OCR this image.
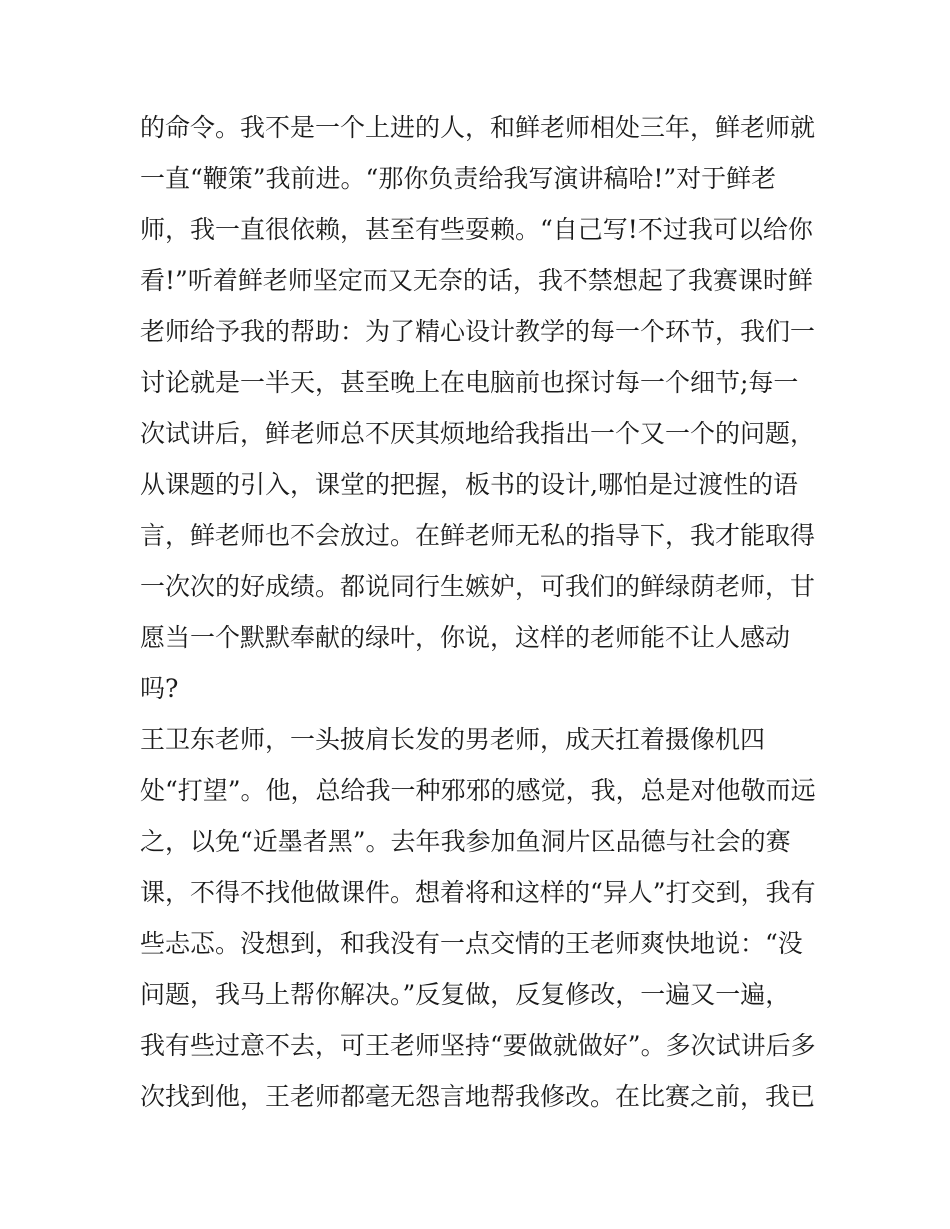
的命令。我不是一个上进的人，和鲜老师相处三年，鲜老师就
一直“鞭策”我前进。“那你负责给我写演讲稿哈!”对于鲜老
师，我一直很依赖，甚至有些耍赖。“自己写!不过我可以给你
看!”听着鲜老师坚定而又无奈的话，我不禁想起了我赛课时鲜
老师给予我的帮助：为了精心设计教学的每一个环节，我们一
讨论就是一半天，甚至晚上在电脑前也探讨每一个细节;每一
次试讲后，鲜老师总不厌其烦地给我指出一个又一个的问题，
从课题的引入，课堂的把握，板书的设计,哪怕是过渡性的语
言，鲜老师也不会放过。在鲜老师无私的指导下，我才能取得
一次次的好成绩。都说同行生嫉妒，可我们的鲜绿荫老师，甘
愿当一个默默奉献的绿叶，你说，这样的老师能不让人感动
吗?
王卫东老师，一头披肩长发的男老师，成天扛着摄像机四
处“打望”。他，总给我一种邪邪的感觉，我，总是对他敬而远
之，以免“近墨者黑”。去年我参加鱼洞片区品德与社会的赛
课，不得不找他做课件。想着将和这样的“异人”打交到，我有
些忐忑。没想到，和我没有一点交情的王老师爽快地说：“没
问题，我马上帮你解决。”反复做，反复修改，一遍又一遍，
我有些过意不去，可王老师坚持“要做就做好”。多次试讲后多
次找到他，王老师都毫无怨言地帮我修改。在比赛之前，我已
